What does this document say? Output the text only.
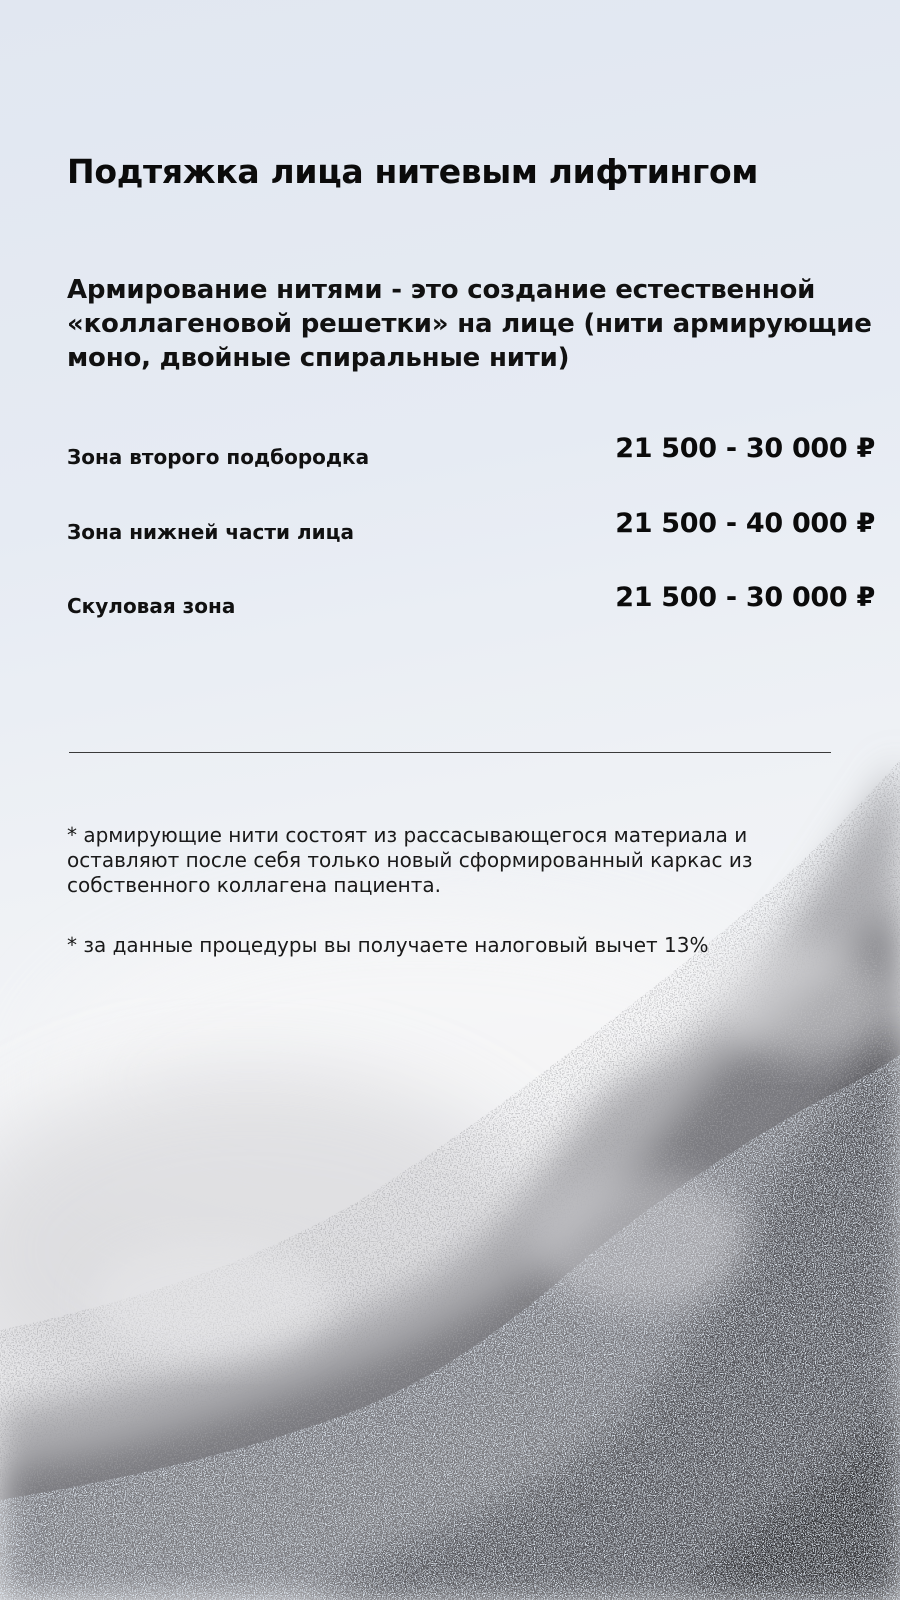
Подтяжка лица нитевым лифтингом
Армирование нитями - это создание естественной «коллагеновой решетки» на лице (нити армирующие моно, двойные спиральные нити)
Зона второго подбородка	21 500 - 30 000 ₽
Зона нижней части лица	21 500 - 40 000 ₽
Скуловая зона	21 500 - 30 000 ₽

* армирующие нити состоят из рассасывающегося материала и оставляют после себя только новый сформированный каркас из собственного коллагена пациента.

* за данные процедуры вы получаете налоговый вычет 13%
